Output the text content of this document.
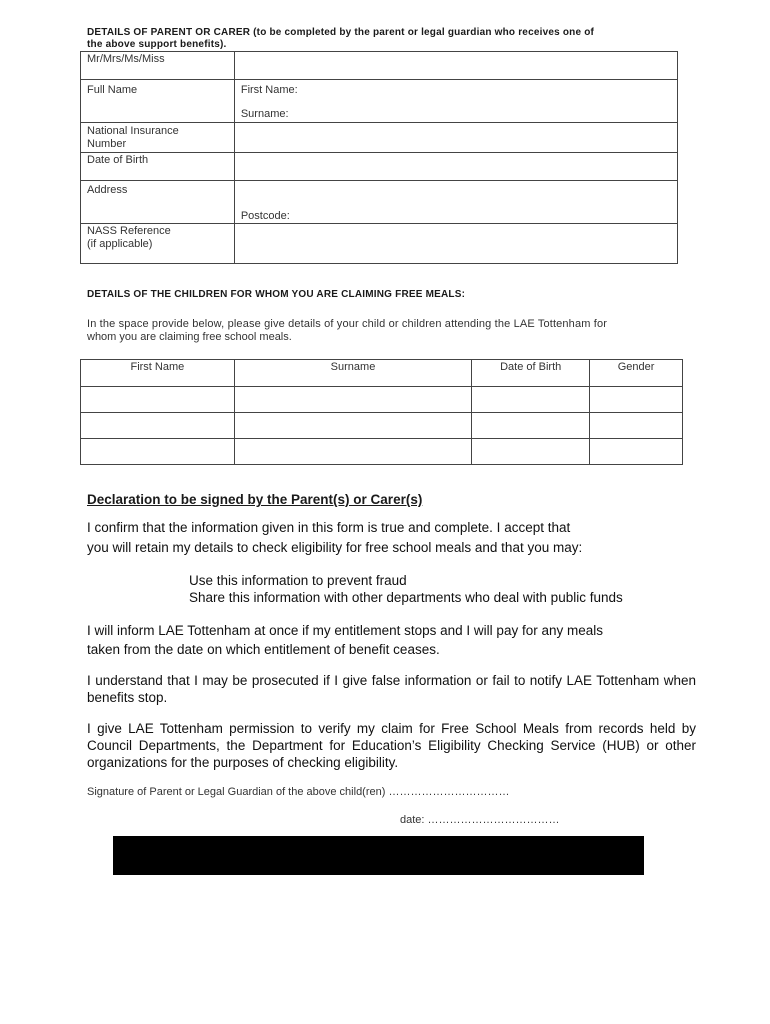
DETAILS OF PARENT OR CARER (to be completed by the parent or legal guardian who receives one of
the above support benefits).
Mr/Mrs/Ms/Miss	
Full Name	First Name:
Surname:

National Insurance
Number	

Date of Birth	
Address	Postcode:

NASS Reference
(if applicable)	

DETAILS OF THE CHILDREN FOR WHOM YOU ARE CLAIMING FREE MEALS:
In the space provide below, please give details of your child or children attending the LAE Tottenham for
whom you are claiming free school meals.
First Name	Surname	Date of Birth	Gender

Declaration to be signed by the Parent(s) or Carer(s)
I confirm that the information given in this form is true and complete. I accept that
you will retain my details to check eligibility for free school meals and that you may:
Use this information to prevent fraud
Share this information with other departments who deal with public funds
I will inform LAE Tottenham at once if my entitlement stops and I will pay for any meals
taken from the date on which entitlement of benefit ceases.
I understand that I may be prosecuted if I give false information or fail to notify LAE Tottenham when benefits stop.
I give LAE Tottenham permission to verify my claim for Free School Meals from records held by Council Departments, the Department for Education’s Eligibility Checking Service (HUB) or other organizations for the purposes of checking eligibility.
Signature of Parent or Legal Guardian of the above child(ren) ……………………………
date: ………………………………
